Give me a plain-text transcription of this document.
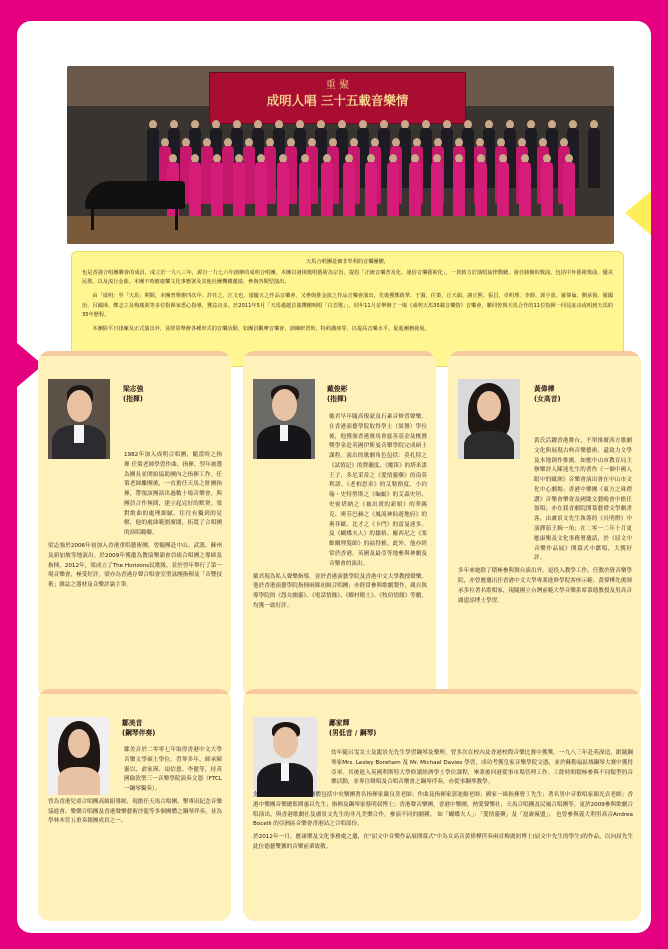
重 聚
成明人唱 三十五載音樂情

天馬合唱團是個非牟利的音樂團體，

也是香港合唱團聯會的成員，成立於一九八三年，源自一九七六年創辦的成明合唱團。本團以發揚歌唱藝術為宗旨，提倡「正統音樂普及化，通俗音樂藝術化」，一貫致力於演唱旋律動聽、發自肺腑的歌曲，包括中外藝術歌曲、優美民歌、以及流行金曲。本團不時應康樂文化事務署及其他社團機構邀請，參與各類型演出。

由「成明」至「天馬」期間，本團曾舉辦四次中、許任之、江文也、郁慶五之作品音樂會，又參與推金波之作品音樂會演出。先後獲鄭啟華、于漪、任策、丘天韻、謝正熙、張昌、卓明理、李靜、郭宇盈、羅偉倫、劉承揚、羅國治、呂國璋、鄭志立及梅廣釗等多位指揮家悉心指導，獲益良多。於2011年5月「天馬邁越首演鑽剛嗚唱「白雲歌」」，同年11月並舉辦了一場《成明天馬35載音樂情》音樂會，聯同曾與天馬合作的11位指揮一同見証由成明到天馬的35年歷程。

本團除平日排練及正式演出外，並經常舉辦各種形式的音樂活動，如團員觀摩音樂會、訓練研習班、特約講座等，以提高音樂水平，促進團務發展。

梁志強
(指揮)

1982年加入成明合唱團，隨當時之指揮 任策老師學習作曲、指揮。翌年被選為團長並開始協助團內之指揮工作。任策老師離團後，一直擔任天馬之駐團指揮，帶領該團演出過數十場音樂會，與團員合作無間，建立起完好的默契。梁對歌曲的處理細膩，往往有獨到的見解，他的處曲範圍廣闊，拓寬了合唱團的演唱範疇。

梁志強於2006年初加入香港重唱藝術團，曾隨團赴中山、武漢、蘇州及新加坡等地演出。於2009年獲邀為教協樂韻會員組合唱團之導師及指揮。2012年，梁成立了The Horizons民歌隊，並於翌年舉行了第一場音樂會，極受好評。梁亦為香港存聲合唱會室聖詠團指揮及「音響技術」雜誌之器材及音樂評論主筆。

戴俊彬
(指揮)

戴君早年隨高俊豪及石素音修習聲樂。在香港演藝學院取得學士（榮譽）學位後，他獲頒香港賽馬會慈善基金及桃賽獎學金赴英國伊斯曼音樂學院完成碩士課程。演出的歌劇角色包括：莫扎特之《試情記》的費蘭度、《魔笛》的塔米諾王子、多尼采蒂之《愛情靈藥》的南莫利諾、《老柏思韋》的艾勒斯度、小約翰・史特勞斯之《蝙蝠》的艾森史坦、史密塔納之《被出賣的新娘》的華錫克、奧芬巴赫之《鳳流神仙遊地府》的奧菲歐、比才之《卡門》的雷曼達多、及《蝴蝶夫人》的鄒格、羅西尼之《塞維爾理髮師》的福得雅。此外，他亦經常於香港、英國及最亞等地參與神劇及音樂會的演出。

戴君現為私人聲樂指導，並於香港演藝學院及香港中文大學教授聲樂。他於香港演藝學院指揮兩隊初級合唱團；亦經常參與歌劇製作，親自執導學院的《怨女幽靈》、《電話情緣》、《鄉村衛士》、《牧伯情緣》等劇，均獲一致好評。

黃偉樺
(女高音)

黃氏活躍香港舞台，不單推廣西方歌劇文化與展現古典音樂藝術，還致力文學及本地創作推廣。如應中山市教育局主辦樂評人陳達先生的著作《一個中國人眼中的歐洲》音樂會演出會在中山市文化中心劇場；香港中樂團《東方之珠禮讚》音樂會樂會及國慶文藝晚會中擔任領唱；亦在我青劇院開慕藝禮文學劇書客，由盧景文先生執導的《長明燈》中演繹茄王婉一角；在二零一二年十月更應康樂及文化事務署邀請，於《屈文中音樂作品展》開幕式中獻唱，大獲好評。

多年來她除了積極參與舞台演出外，更投入教學工作，任教於資音樂學院，亦曾應邀出任香港中文大學專業進修學院客座示範。黃偉樺先後師承多位著名歌唱家，現隨國立台灣前範大學音樂系席慕德教授及男高音盧恩添博士學習。

鄒美音
(鋼琴伴奏)

鄒美音於二零零七年取得香港中文大學音樂文學碩士學位。習琴多年，師承陳靈以、俞家瑛、項信恩、李健等，持英國倫敦聖三一音樂學院演奏文憑（FTCL一鋼琴獨奏）。

曾為香港兒童合唱團高級組導師，現擔任天馬合唱團、擊專田紀念音樂協進會、樂樂合唱團及香港聲樂藝術沙龍等多個團體之鋼琴伴奏，並為學林木管五重奏創團成員之一。

鄺家輝
(男低音 / 鋼琴)

幼年隨呂雯女士及龍景光先生學習鋼琴及樂理，曾多次在校內及香港校際音樂比賽中獲獎。一九八三年赴英深造，跟隨鋼琴家Mrs. Lesley Boreham 及 Mr. Michael Davies 學習，成功考獲皇家音樂學院文憑，並於蘇勒福區域鋼琴大賽中獲得亞軍。其後進入英國利斯特大學修讀經濟學士學位課程，畢業後回港從事市場管理工作。工餘時間積極參與不同類型的音樂活動，並專注聲唱及合唱音樂會之鋼琴伴奏，亦從事鋼琴教學。

多年來曾合作音樂家及團體包括中央樂團著名指揮家嚴良堃老師；作曲及指揮家郭迪揚老師；國家一級指揮曹丁先生；著名男中音歌唱家顏光貞老師；香港中樂團音樂總監閻惠昌先生；指揮及鋼琴家蔡明叔博士；香港聲音樂團，香港中樂團，熱愛聲樂社，天馬合唱團及民風合唱團等。更於2009參與歌劇合唱演出，與香港歌劇社及盧景文先生的非凡美樂合作，參演不同的劇種。 如「蝴蝶夫人」：「愛情靈藥」及「崑崙瘋盟」； 也曾參與義大利男高音Andrea Bocelli 的亞洲區音樂會香港站之合唱部份。

於2012年一月，應康樂及文化事務處之邀，在"屈文中音樂作品展開幕式"中為女高音黃偉樺伴奏兩首梅廣釗博士(屈文中先生的學生)的作品，以向屈先生此位德藝雙馨的音樂前輩致敬。
